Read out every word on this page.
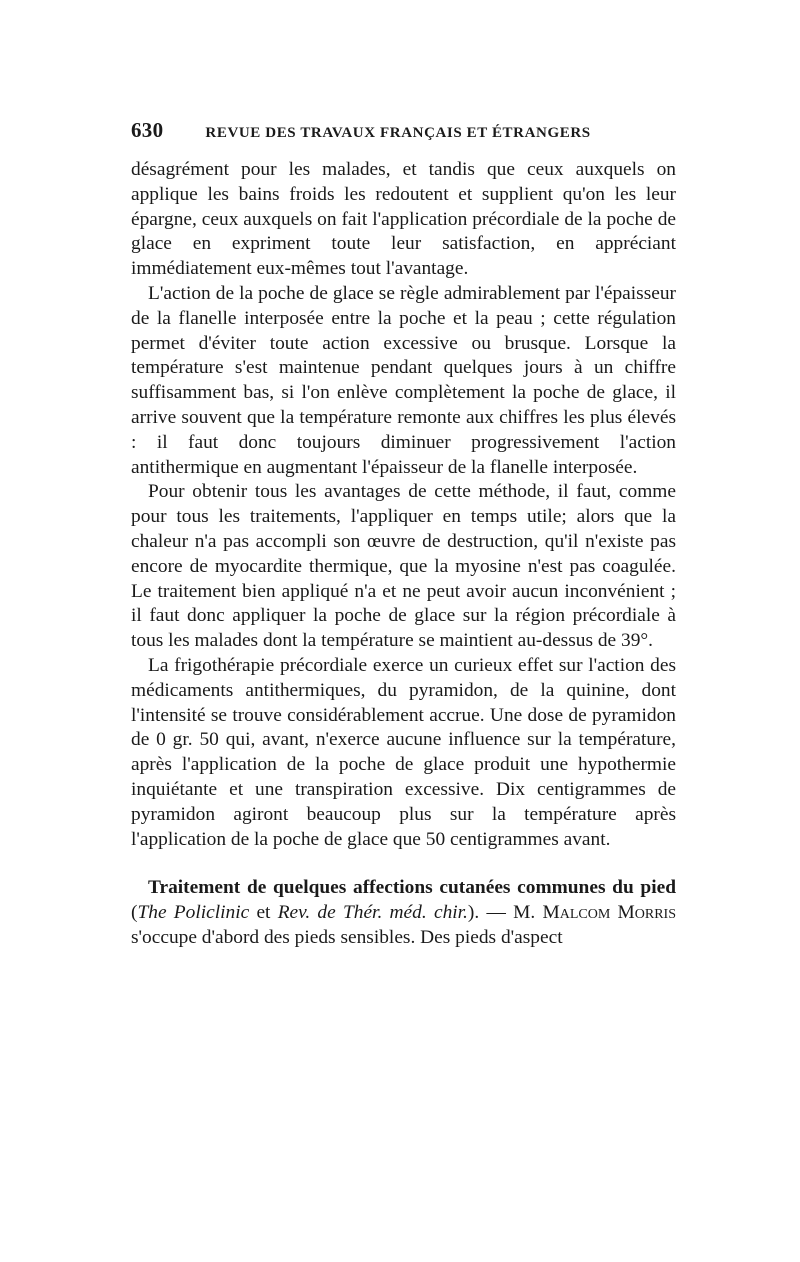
630	REVUE DES TRAVAUX FRANÇAIS ET ÉTRANGERS

désagrément pour les malades, et tandis que ceux auxquels on applique les bains froids les redoutent et supplient qu'on les leur épargne, ceux auxquels on fait l'application précordiale de la poche de glace en expriment toute leur satisfaction, en appréciant immédiatement eux-mêmes tout l'avantage.

L'action de la poche de glace se règle admirablement par l'épaisseur de la flanelle interposée entre la poche et la peau ; cette régulation permet d'éviter toute action excessive ou brusque. Lorsque la température s'est maintenue pendant quelques jours à un chiffre suffisamment bas, si l'on enlève complètement la poche de glace, il arrive souvent que la température remonte aux chiffres les plus élevés : il faut donc toujours diminuer progressivement l'action antithermique en augmentant l'épaisseur de la flanelle interposée.

Pour obtenir tous les avantages de cette méthode, il faut, comme pour tous les traitements, l'appliquer en temps utile; alors que la chaleur n'a pas accompli son œuvre de destruction, qu'il n'existe pas encore de myocardite thermique, que la myosine n'est pas coagulée. Le traitement bien appliqué n'a et ne peut avoir aucun inconvénient ; il faut donc appliquer la poche de glace sur la région précordiale à tous les malades dont la température se maintient au-dessus de 39°.

La frigothérapie précordiale exerce un curieux effet sur l'action des médicaments antithermiques, du pyramidon, de la quinine, dont l'intensité se trouve considérablement accrue. Une dose de pyramidon de 0 gr. 50 qui, avant, n'exerce aucune influence sur la température, après l'application de la poche de glace produit une hypothermie inquiétante et une transpiration excessive. Dix centigrammes de pyramidon agiront beaucoup plus sur la température après l'application de la poche de glace que 50 centigrammes avant.

Traitement de quelques affections cutanées communes du pied (The Policlinic et Rev. de Thér. méd. chir.). — M. Malcom Morris s'occupe d'abord des pieds sensibles. Des pieds d'aspect
